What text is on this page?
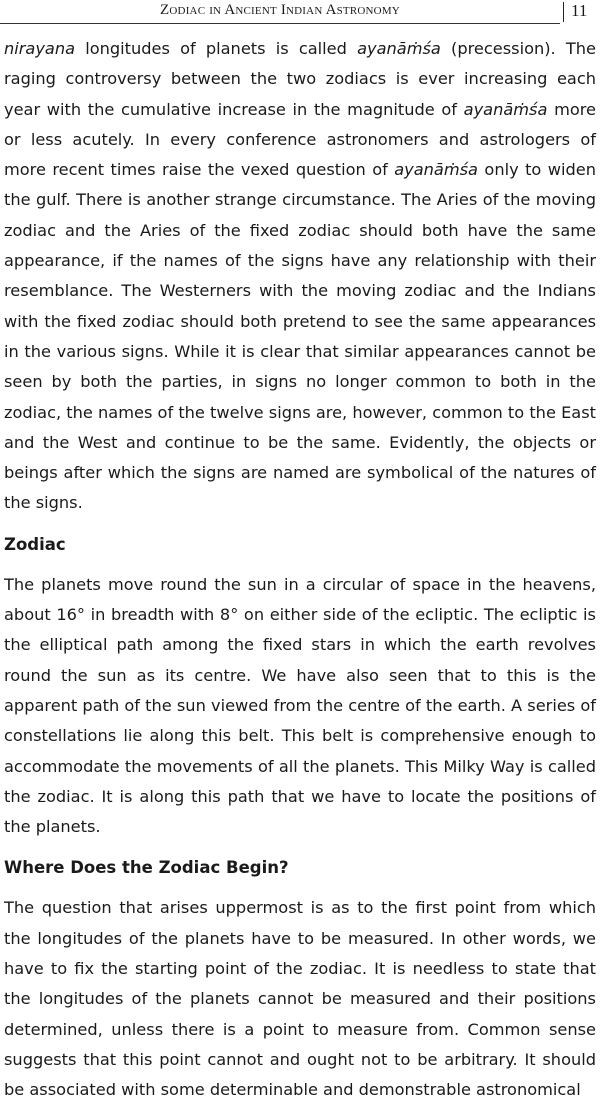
Zodiac in Ancient Indian Astronomy	11

nirayana longitudes of planets is called ayanāṁśa (precession). The raging controversy between the two zodiacs is ever increasing each year with the cumulative increase in the magnitude of ayanāṁśa more or less acutely. In every conference astronomers and astrologers of more recent times raise the vexed question of ayanāṁśa only to widen the gulf. There is another strange circumstance. The Aries of the moving zodiac and the Aries of the fixed zodiac should both have the same appearance, if the names of the signs have any relationship with their resemblance. The Westerners with the moving zodiac and the Indians with the fixed zodiac should both pretend to see the same appearances in the various signs. While it is clear that similar appearances cannot be seen by both the parties, in signs no longer common to both in the zodiac, the names of the twelve signs are, however, common to the East and the West and continue to be the same. Evidently, the objects or beings after which the signs are named are symbolical of the natures of the signs.

Zodiac

The planets move round the sun in a circular of space in the heavens, about 16° in breadth with 8° on either side of the ecliptic. The ecliptic is the elliptical path among the fixed stars in which the earth revolves round the sun as its centre. We have also seen that to this is the apparent path of the sun viewed from the centre of the earth. A series of constellations lie along this belt. This belt is comprehensive enough to accommodate the movements of all the planets. This Milky Way is called the zodiac. It is along this path that we have to locate the positions of the planets.

Where Does the Zodiac Begin?

The question that arises uppermost is as to the first point from which the longitudes of the planets have to be measured. In other words, we have to fix the starting point of the zodiac. It is needless to state that the longitudes of the planets cannot be measured and their positions determined, unless there is a point to measure from. Common sense suggests that this point cannot and ought not to be arbitrary. It should be associated with some determinable and demonstrable astronomical
